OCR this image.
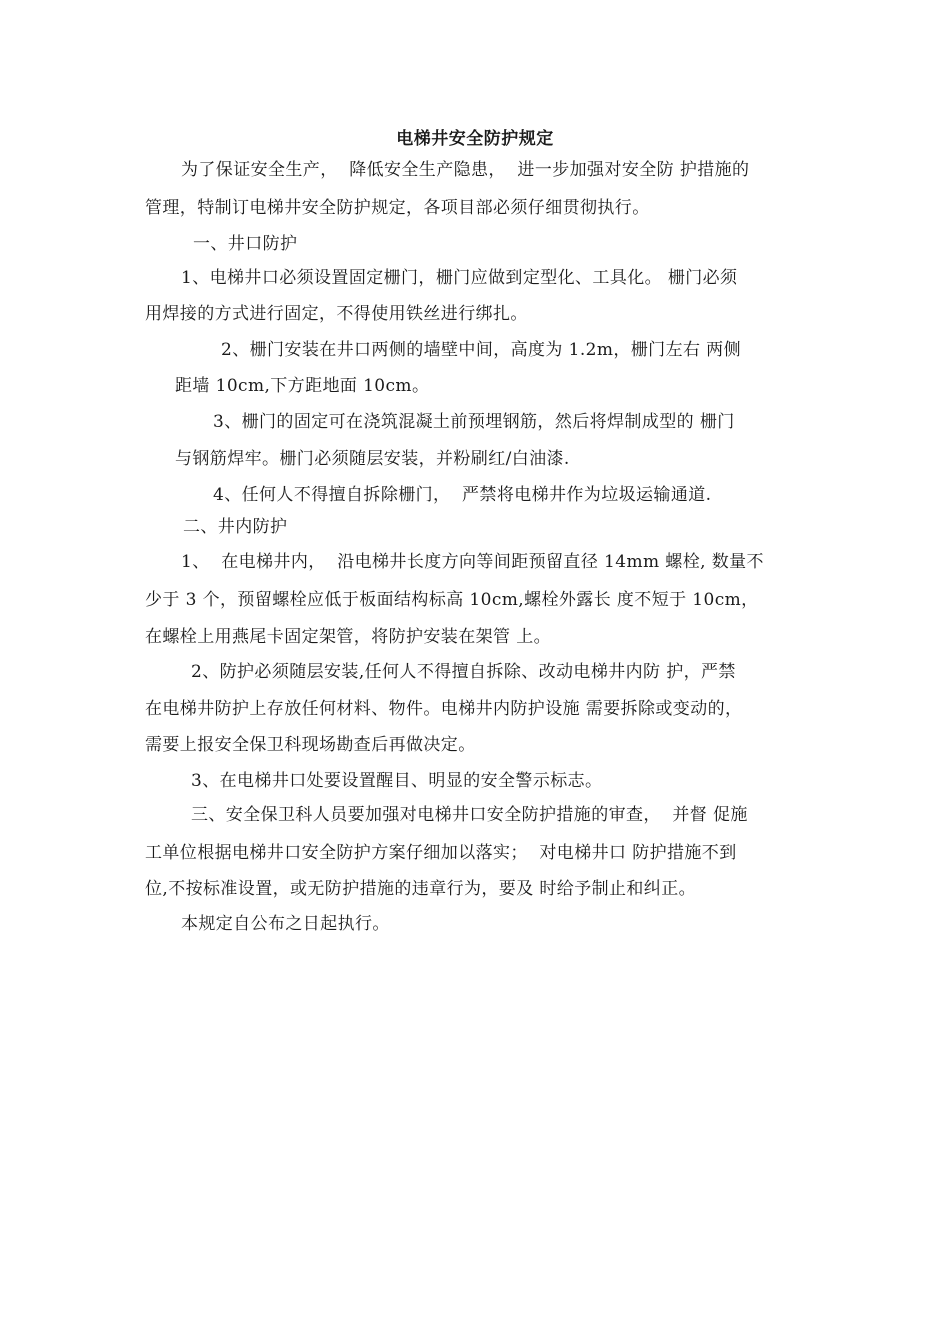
电梯井安全防护规定
为了保证安全生产，  降低安全生产隐患，  进一步加强对安全防 护措施的
管理，特制订电梯井安全防护规定，各项目部必须仔细贯彻执行。
一、井口防护
1、电梯井口必须设置固定栅门，栅门应做到定型化、工具化。 栅门必须
用焊接的方式进行固定，不得使用铁丝进行绑扎。
2、栅门安装在井口两侧的墙壁中间，高度为 1.2m，栅门左右 两侧
距墙 10cm,下方距地面 10cm。
3、栅门的固定可在浇筑混凝土前预埋钢筋，然后将焊制成型的 栅门
与钢筋焊牢。栅门必须随层安装，并粉刷红/白油漆.
4、任何人不得擅自拆除栅门，  严禁将电梯井作为垃圾运输通道.
二、井内防护
1、  在电梯井内，  沿电梯井长度方向等间距预留直径 14mm 螺栓, 数量不
少于 3 个，预留螺栓应低于板面结构标高 10cm,螺栓外露长 度不短于 10cm，
在螺栓上用燕尾卡固定架管，将防护安装在架管 上。
2、防护必须随层安装,任何人不得擅自拆除、改动电梯井内防 护，严禁
在电梯井防护上存放任何材料、物件。电梯井内防护设施 需要拆除或变动的，
需要上报安全保卫科现场勘查后再做决定。
3、在电梯井口处要设置醒目、明显的安全警示标志。
三、安全保卫科人员要加强对电梯井口安全防护措施的审查，  并督 促施
工单位根据电梯井口安全防护方案仔细加以落实；  对电梯井口 防护措施不到
位,不按标准设置，或无防护措施的违章行为，要及 时给予制止和纠正。
本规定自公布之日起执行。
